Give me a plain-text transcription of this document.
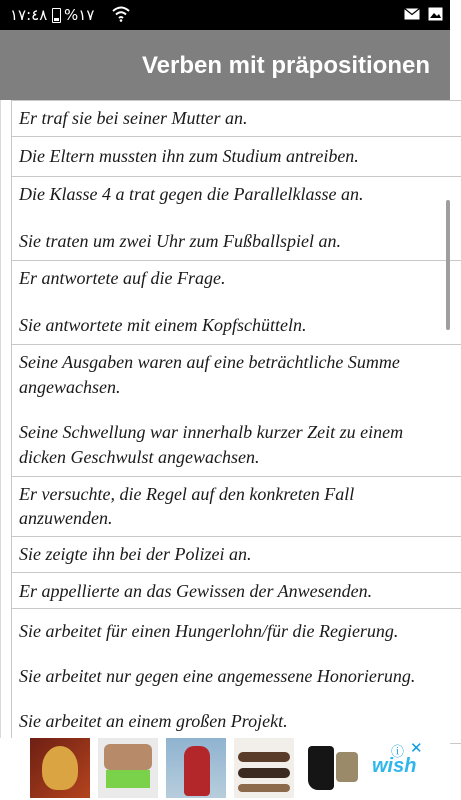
١٧:٤٨ %١٧
Verben mit präpositionen
Er traf sie bei seiner Mutter an.
Die Eltern mussten ihn zum Studium antreiben.
Die Klasse 4 a trat gegen die Parallelklasse an.
Sie traten um zwei Uhr zum Fußballspiel an.
Er antwortete auf die Frage.
Sie antwortete mit einem Kopfschütteln.
Seine Ausgaben waren auf eine beträchtliche Summe
angewachsen.
Seine Schwellung war innerhalb kurzer Zeit zu einem
dicken Geschwulst angewachsen.
Er versuchte, die Regel auf den konkreten Fall
anzuwenden.
Sie zeigte ihn bei der Polizei an.
Er appellierte an das Gewissen der Anwesenden.
Sie arbeitet für einen Hungerlohn/für die Regierung.
Sie arbeitet nur gegen eine angemessene Honorierung.
Sie arbeitet an einem großen Projekt.
ⓘ ✕
wish
